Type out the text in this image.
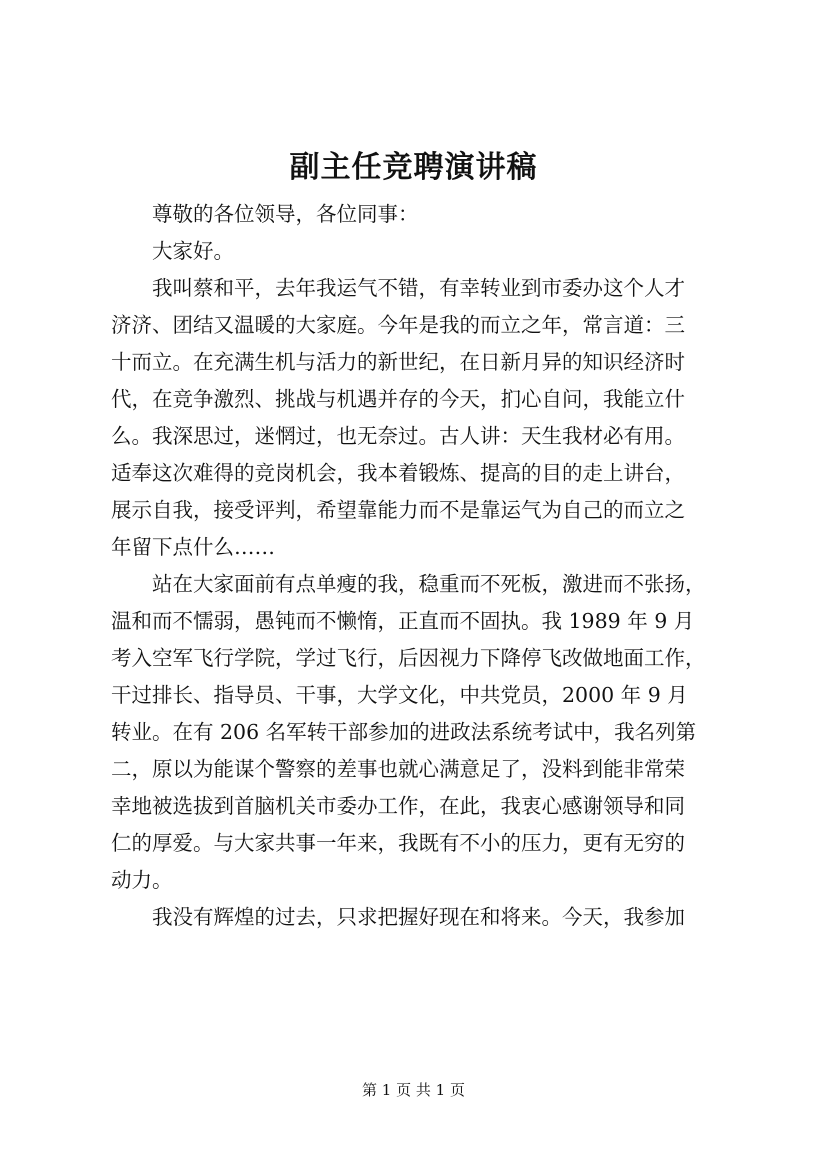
副主任竞聘演讲稿
尊敬的各位领导，各位同事：
大家好。
我叫蔡和平，去年我运气不错，有幸转业到市委办这个人才
济济、团结又温暖的大家庭。今年是我的而立之年，常言道：三
十而立。在充满生机与活力的新世纪，在日新月异的知识经济时
代，在竞争激烈、挑战与机遇并存的今天，扪心自问，我能立什
么。我深思过，迷惘过，也无奈过。古人讲：天生我材必有用。
适奉这次难得的竞岗机会，我本着锻炼、提高的目的走上讲台，
展示自我，接受评判，希望靠能力而不是靠运气为自己的而立之
年留下点什么……
站在大家面前有点单瘦的我，稳重而不死板，激进而不张扬，
温和而不懦弱，愚钝而不懒惰，正直而不固执。我 1989 年 9 月
考入空军飞行学院，学过飞行，后因视力下降停飞改做地面工作，
干过排长、指导员、干事，大学文化，中共党员，2000 年 9 月
转业。在有 206 名军转干部参加的进政法系统考试中，我名列第
二，原以为能谋个警察的差事也就心满意足了，没料到能非常荣
幸地被选拔到首脑机关市委办工作，在此，我衷心感谢领导和同
仁的厚爱。与大家共事一年来，我既有不小的压力，更有无穷的
动力。
我没有辉煌的过去，只求把握好现在和将来。今天，我参加
第 1 页 共 1 页
